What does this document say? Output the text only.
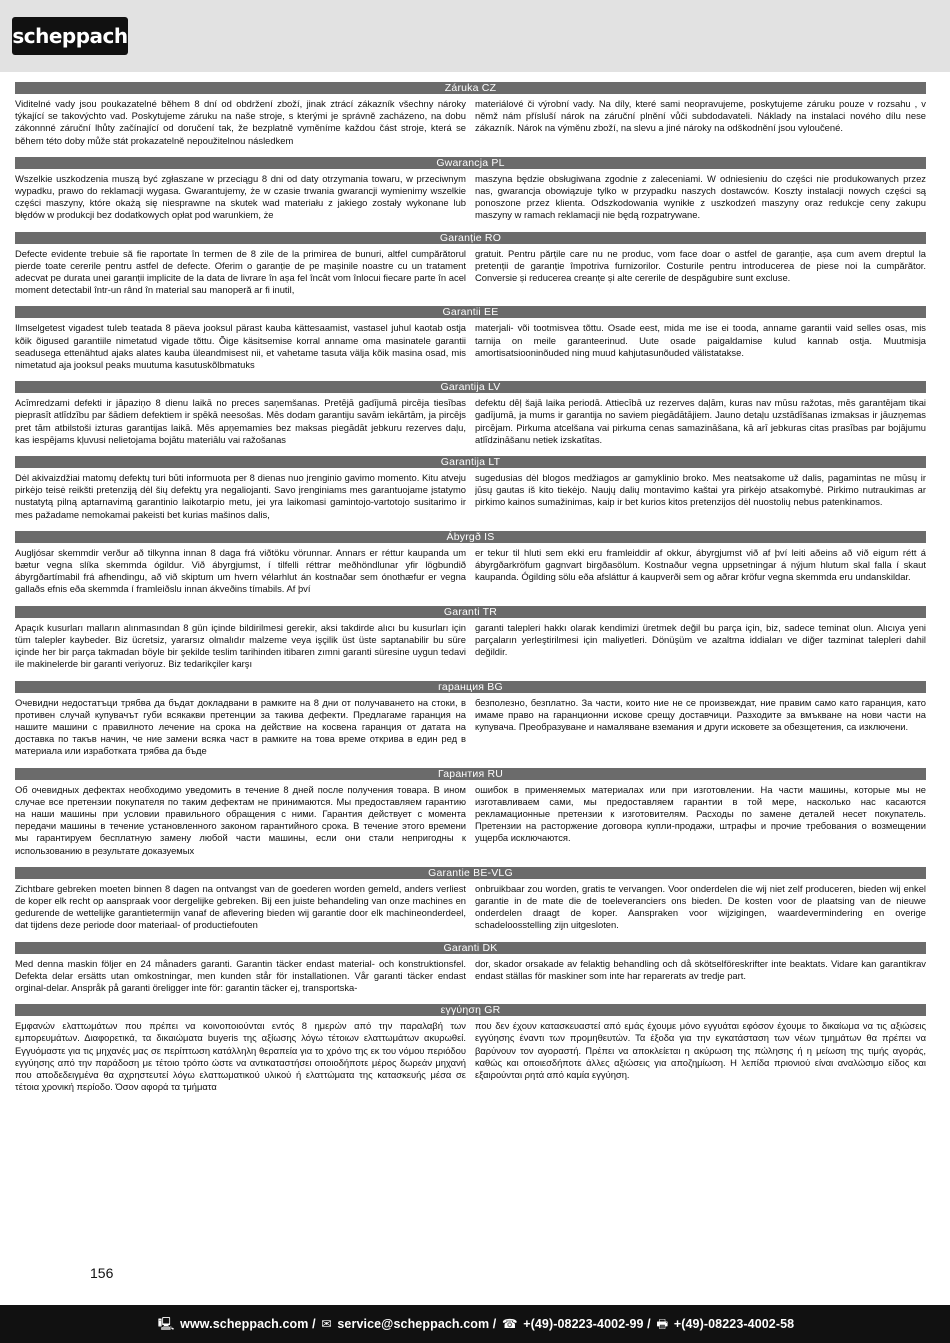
scheppach
Záruka CZ
Viditelné vady jsou poukazatelné během 8 dní od obdržení zboží, jinak ztrácí zákazník všechny nároky týkající se takovýchto vad. Poskytujeme záruku na naše stroje, s kterými je správně zacházeno, na dobu zákonnné záruční lhůty začínající od doručení tak, že bezplatně vyměníme každou část stroje, která se během této doby může stát prokazatelně nepoužitelnou následkem
materiálové či výrobní vady. Na díly, které sami neopravujeme, poskytujeme záruku pouze v rozsahu , v němž nám přísluší nárok na záruční plnění vůči subdodavateli. Náklady na instalaci nového dílu nese zákazník. Nárok na výměnu zboží, na slevu a jiné nároky na odškodnění jsou vyloučené.
Gwarancja PL
Wszelkie uszkodzenia muszą być zgłaszane w przeciągu 8 dni od daty otrzymania towaru, w przeciwnym wypadku, prawo do reklamacji wygasa. Gwarantujemy, że w czasie trwania gwarancji wymienimy wszelkie części maszyny, które okażą się niesprawne na skutek wad materiału z jakiego zostały wykonane lub błędów w produkcji bez dodatkowych opłat pod warunkiem, że
maszyna będzie obsługiwana zgodnie z zaleceniami. W odniesieniu do części nie produkowanych przez nas, gwarancja obowiązuje tylko w przypadku naszych dostawców. Koszty instalacji nowych części są ponoszone przez klienta. Odszkodowania wynikłe z uszkodzeń maszyny oraz redukcje ceny zakupu maszyny w ramach reklamacji nie będą rozpatrywane.
Garanție RO
Defecte evidente trebuie să fie raportate în termen de 8 zile de la primirea de bunuri, altfel cumpărătorul pierde toate cererile pentru astfel de defecte. Oferim o garanție de pe mașinile noastre cu un tratament adecvat pe durata unei garanții implicite de la data de livrare în așa fel încât vom înlocui fiecare parte în acel moment detectabil într-un rând în material sau manoperă ar fi inutil,
gratuit. Pentru părțile care nu ne produc, vom face doar o astfel de garanție, așa cum avem dreptul la pretenții de garanție împotriva furnizorilor. Costurile pentru introducerea de piese noi la cumpărător. Conversie și reducerea creanțe și alte cererile de despăgubire sunt excluse.
Garantii EE
Ilmselgetest vigadest tuleb teatada 8 päeva jooksul pärast kauba kättesaamist, vastasel juhul kaotab ostja kõik õigused garantiile nimetatud vigade tõttu. Õige käsitsemise korral anname oma masinatele garantii seadusega ettenähtud ajaks alates kauba üleandmisest nii, et vahetame tasuta välja kõik masina osad, mis nimetatud aja jooksul peaks muutuma kasutuskõlbmatuks
materjali- või tootmisvea tõttu. Osade eest, mida me ise ei tooda, anname garantii vaid selles osas, mis tarnija on meile garanteerinud. Uute osade paigaldamise kulud kannab ostja. Muutmisja amortisatsiooninõuded ning muud kahjutasunõuded välistatakse.
Garantija LV
Acīmredzami defekti ir jāpaziņo 8 dienu laikā no preces saņemšanas. Pretējā gadījumā pircēja tiesības pieprasīt atlīdzību par šādiem defektiem ir spēkā neesošas. Mēs dodam garantiju savām iekārtām, ja pircējs pret tām atbilstoši izturas garantijas laikā. Mēs apņemamies bez maksas piegādāt jebkuru rezerves daļu, kas iespējams kļuvusi nelietojama bojātu materiālu vai ražošanas
defektu dēļ šajā laika periodā. Attiecībā uz rezerves daļām, kuras nav mūsu ražotas, mēs garantējam tikai gadījumā, ja mums ir garantija no saviem piegādātājiem. Jauno detaļu uzstādīšanas izmaksas ir jāuzņemas pircējam. Pirkuma atcelšana vai pirkuma cenas samazināšana, kā arī jebkuras citas prasības par bojājumu atlīdzināšanu netiek izskatītas.
Garantija LT
Dėl akivaizdžiai matomų defektų turi būti informuota per 8 dienas nuo įrenginio gavimo momento. Kitu atveju pirkėjo teisė reikšti pretenziją dėl šių defektų yra negaliojanti. Savo įrenginiams mes garantuojame įstatymo nustatytą pilną aptarnavimą garantinio laikotarpio metu, jei yra laikomasi gamintojo-vartotojo susitarimo ir mes pažadame nemokamai pakeisti bet kurias mašinos dalis,
sugedusias dėl blogos medžiagos ar gamyklinio broko. Mes neatsakome už dalis, pagamintas ne mūsų ir jūsų gautas iš kito tiekėjo. Naujų dalių montavimo kaštai yra pirkėjo atsakomybė. Pirkimo nutraukimas ar pirkimo kainos sumažinimas, kaip ir bet kurios kitos pretenzijos dėl nuostolių nebus patenkinamos.
Ábyrgð IS
Augljósar skemmdir verður að tilkynna innan 8 daga frá viðtöku vörunnar. Annars er réttur kaupanda um bætur vegna slíka skemmda ógildur. Við ábyrgjumst, í tilfelli réttrar meðhöndlunar yfir lögbundið ábyrgðartímabil frá afhendingu, að við skiptum um hvern vélarhlut án kostnaðar sem ónothæfur er vegna gallaðs efnis eða skemmda í framleiðslu innan ákveðins tímabils. Af því
er tekur til hluti sem ekki eru framleiddir af okkur, ábyrgjumst við af því leiti aðeins að við eigum rétt á ábyrgðarkröfum gagnvart birgðasölum. Kostnaður vegna uppsetningar á nýjum hlutum skal falla í skaut kaupanda. Ógilding sölu eða afsláttur á kaupverði sem og aðrar kröfur vegna skemmda eru undanskildar.
Garanti TR
Apaçık kusurları malların alınmasından 8 gün içinde bildirilmesi gerekir, aksi takdirde alıcı bu kusurları için tüm talepler kaybeder. Biz ücretsiz, yararsız olmalıdır malzeme veya işçilik üst üste saptanabilir bu süre içinde her bir parça takmadan böyle bir şekilde teslim tarihinden itibaren zımni garanti süresine uygun tedavi ile makinelerde bir garanti veriyoruz. Biz tedarikçiler karşı
garanti talepleri hakkı olarak kendimizi üretmek değil bu parça için, biz, sadece teminat olun. Alıcıya yeni parçaların yerleştirilmesi için maliyetleri. Dönüşüm ve azaltma iddiaları ve diğer tazminat talepleri dahil değildir.
гаранция BG
Очевидни недостатъци трябва да бъдат докладвани в рамките на 8 дни от получаването на стоки, в противен случай купувачът губи всякакви претенции за такива дефекти. Предлагаме гаранция на нашите машини с правилното лечение на срока на действие на косвена гаранция от датата на доставка по такъв начин, че ние замени всяка част в рамките на това време откривa в един ред в материала или изработката трябва да бъде
безполезно, безплатно. За части, които ние не се произвеждат, ние правим само като гаранция, като имаме право на гаранционни искове срещу доставчици. Разходите за вмъкване на нови части на купувача. Преобразуване и намаляване вземания и други исковете за обезщетения, са изключени.
Гарантия RU
Об очевидных дефектах необходимо уведомить в течение 8 дней после получения товара. В ином случае все претензии покупателя по таким дефектам не принимаются. Мы предоставляем гарантию на наши машины при условии правильного обращения с ними. Гарантия действует с момента передачи машины в течение установленного законом гарантийного срока. В течение этого времени мы гарантируем бесплатную замену любой части машины, если они стали непригодны к использованию в результате доказуемых
ошибок в применяемых материалах или при изготовлении. На части машины, которые мы не изготавливаем сами, мы предоставляем гарантии в той мере, насколько нас касаются рекламационные претензии к изготовителям. Расходы по замене деталей несет покупатель. Претензии на расторжение договора купли-продажи, штрафы и прочие требования о возмещении ущерба исключаются.
Garantie BE-VLG
Zichtbare gebreken moeten binnen 8 dagen na ontvangst van de goederen worden gemeld, anders verliest de koper elk recht op aanspraak voor dergelijke gebreken. Bij een juiste behandeling van onze machines en gedurende de wettelijke garantietermijn vanaf de aflevering bieden wij garantie door elk machineonderdeel, dat tijdens deze periode door materiaal- of productiefouten
onbruikbaar zou worden, gratis te vervangen. Voor onderdelen die wij niet zelf produceren, bieden wij enkel garantie in de mate die de toeleveranciers ons bieden. De kosten voor de plaatsing van de nieuwe onderdelen draagt de koper. Aanspraken voor wijzigingen, waardevermindering en overige schadeloosstelling zijn uitgesloten.
Garanti DK
Med denna maskin följer en 24 månaders garanti. Garantin täcker endast material- och konstruktionsfel. Defekta delar ersätts utan omkostningar, men kunden står för installationen. Vår garanti täcker endast orginal-delar. Anspråk på garanti öreligger inte för: garantin täcker ej, transportska-
dor, skador orsakade av felaktig behandling och då skötselföreskrifter inte beaktats. Vidare kan garantikrav endast ställas för maskiner som inte har reparerats av tredje part.
εγγύηση GR
Εμφανών ελαττωμάτων που πρέπει να κοινοποιούνται εντός 8 ημερών από την παραλαβή των εμπορευμάτων. Διαφορετικά, τα δικαιώματα buyeris της αξίωσης λόγω τέτοιων ελαττωμάτων ακυρωθεί. Εγγυόμαστε για τις μηχανές μας σε περίπτωση κατάλληλη θεραπεία για το χρόνο της εκ του νόμου περιόδου εγγύησης από την παράδοση με τέτοιο τρόπο ώστε να αντικαταστήσει οποιοδήποτε μέρος δωρεάν μηχανή που αποδεδειγμένα θα αχρηστευτεί λόγω ελαττωματικού υλικού ή ελαττώματα της κατασκευής μέσα σε τέτοια χρονική περίοδο. Όσον αφορά τα τμήματα
που δεν έχουν κατασκευαστεί από εμάς έχουμε μόνο εγγυάται εφόσον έχουμε το δικαίωμα να τις αξιώσεις εγγύησης έναντι των προμηθευτών. Τα έξοδα για την εγκατάσταση των νέων τμημάτων θα πρέπει να βαρύνουν τον αγοραστή. Πρέπει να αποκλείεται η ακύρωση της πώλησης ή η μείωση της τιμής αγοράς, καθώς και οποιεσδήποτε άλλες αξιώσεις για αποζημίωση. Η λεπίδα πριονιού είναι αναλώσιμο είδος και εξαιρούνται ρητά από καμία εγγύηση.
156
🖳 www.scheppach.com / ✉ service@scheppach.com / ☎ +(49)-08223-4002-99 / 🖶 +(49)-08223-4002-58
